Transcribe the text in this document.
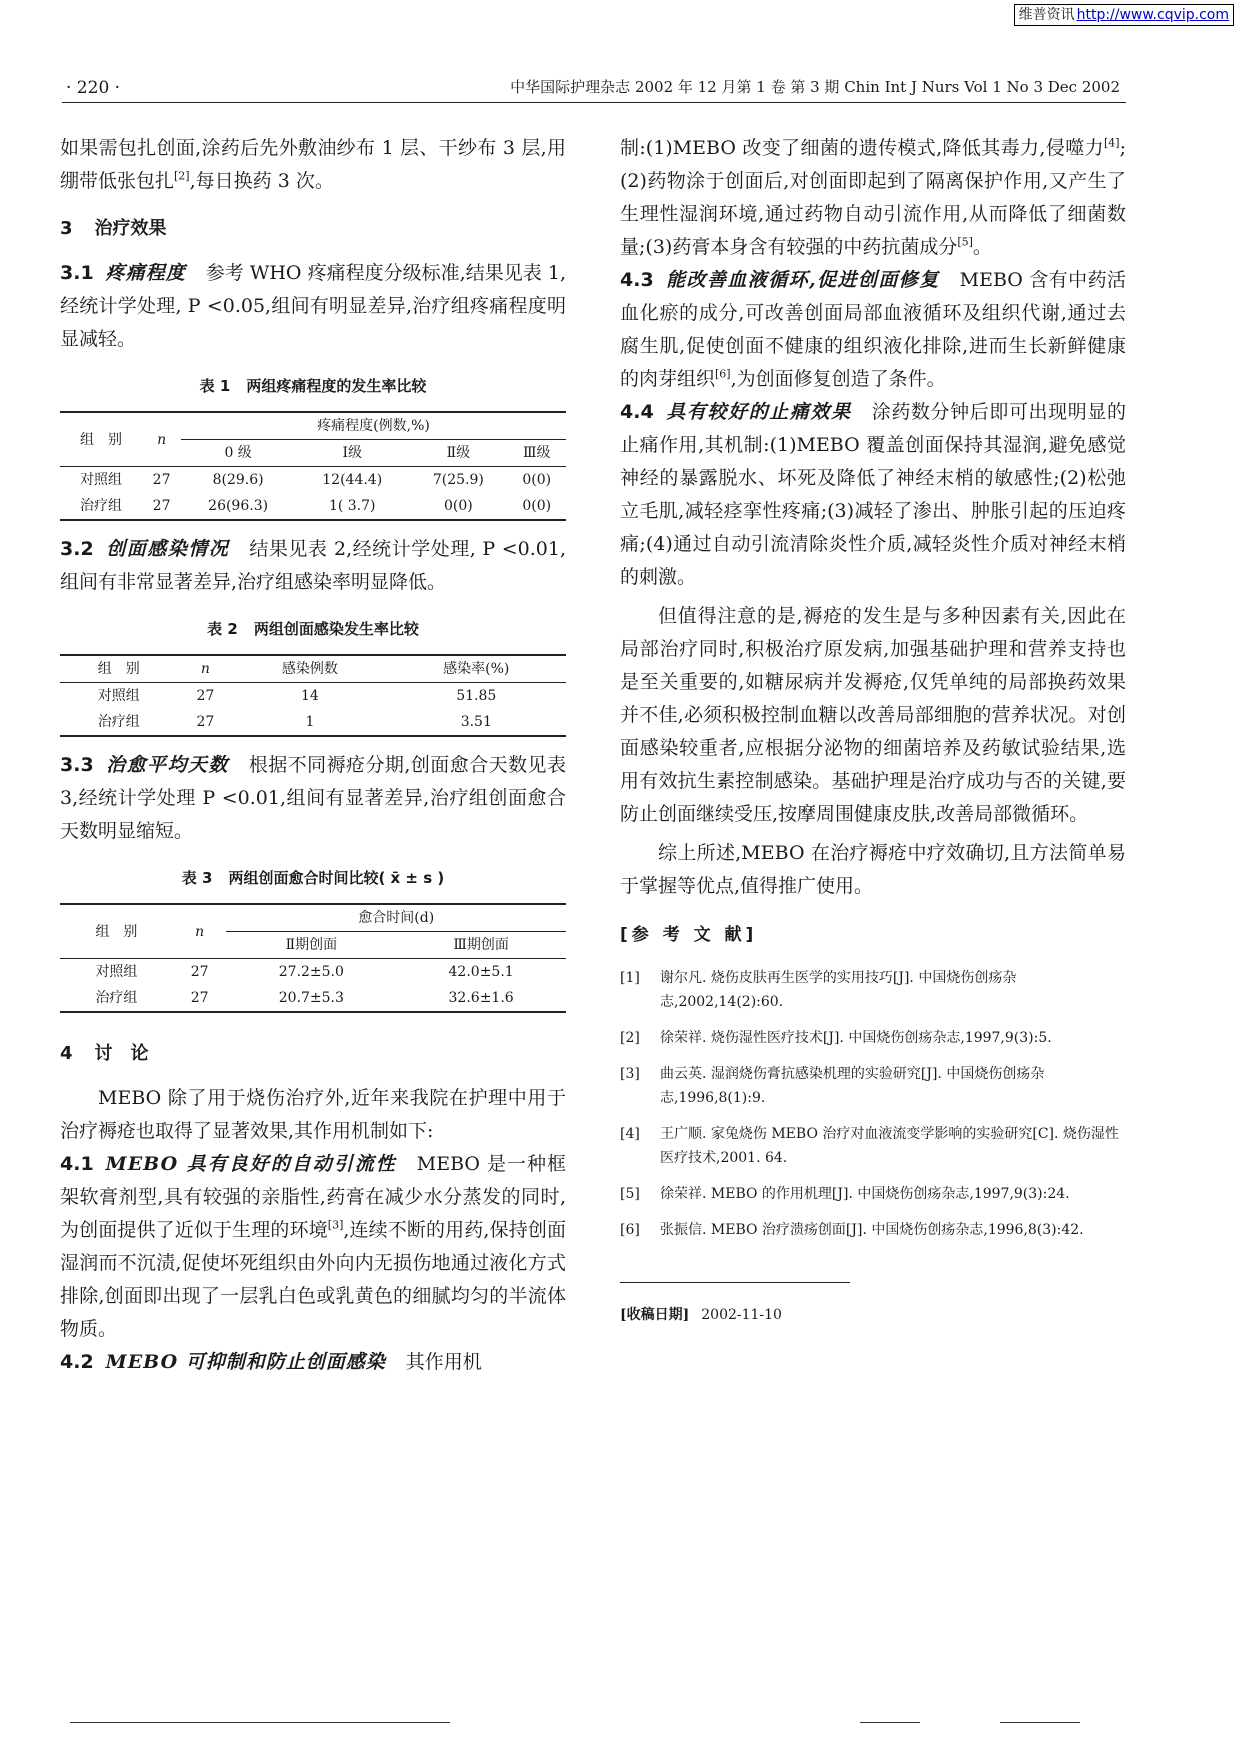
维普资讯 http://www.cqvip.com
· 220 ·	中华国际护理杂志 2002 年 12 月第 1 卷 第 3 期 Chin Int J Nurs Vol 1 No 3 Dec 2002

如果需包扎创面,涂药后先外敷油纱布 1 层、干纱布 3 层,用绷带低张包扎[2],每日换药 3 次。

3 治疗效果

3.1 疼痛程度 参考 WHO 疼痛程度分级标准,结果见表 1,经统计学处理, P <0.05,组间有明显差异,治疗组疼痛程度明显减轻。

表 1 两组疼痛程度的发生率比较
组　别	n	疼痛程度(例数,%)			
		0 级	Ⅰ级	Ⅱ级	Ⅲ级
对照组	27	8(29.6)	12(44.4)	7(25.9)	0(0)
治疗组	27	26(96.3)	1( 3.7)	0(0)	0(0)

3.2 创面感染情况 结果见表 2,经统计学处理, P <0.01,组间有非常显著差异,治疗组感染率明显降低。

表 2 两组创面感染发生率比较
组　别	n	感染例数	感染率(%)
对照组	27	14	51.85
治疗组	27	1	3.51

3.3 治愈平均天数 根据不同褥疮分期,创面愈合天数见表 3,经统计学处理 P <0.01,组间有显著差异,治疗组创面愈合天数明显缩短。

表 3 两组创面愈合时间比较( x̄ ± s )
组　别	n	愈合时间(d)	
		Ⅱ期创面	Ⅲ期创面
对照组	27	27.2±5.0	42.0±5.1
治疗组	27	20.7±5.3	32.6±1.6
4 讨　论

MEBO 除了用于烧伤治疗外,近年来我院在护理中用于治疗褥疮也取得了显著效果,其作用机制如下:

4.1 MEBO 具有良好的自动引流性 MEBO 是一种框架软膏剂型,具有较强的亲脂性,药膏在减少水分蒸发的同时,为创面提供了近似于生理的环境[3],连续不断的用药,保持创面湿润而不沉渍,促使坏死组织由外向内无损伤地通过液化方式排除,创面即出现了一层乳白色或乳黄色的细腻均匀的半流体物质。

4.2 MEBO 可抑制和防止创面感染 其作用机

制:(1)MEBO 改变了细菌的遗传模式,降低其毒力,侵噬力[4];(2)药物涂于创面后,对创面即起到了隔离保护作用,又产生了生理性湿润环境,通过药物自动引流作用,从而降低了细菌数量;(3)药膏本身含有较强的中药抗菌成分[5]。

4.3 能改善血液循环,促进创面修复 MEBO 含有中药活血化瘀的成分,可改善创面局部血液循环及组织代谢,通过去腐生肌,促使创面不健康的组织液化排除,进而生长新鲜健康的肉芽组织[6],为创面修复创造了条件。

4.4 具有较好的止痛效果 涂药数分钟后即可出现明显的止痛作用,其机制:(1)MEBO 覆盖创面保持其湿润,避免感觉神经的暴露脱水、坏死及降低了神经末梢的敏感性;(2)松弛立毛肌,减轻痉挛性疼痛;(3)减轻了渗出、肿胀引起的压迫疼痛;(4)通过自动引流清除炎性介质,减轻炎性介质对神经末梢的刺激。

但值得注意的是,褥疮的发生是与多种因素有关,因此在局部治疗同时,积极治疗原发病,加强基础护理和营养支持也是至关重要的,如糖尿病并发褥疮,仅凭单纯的局部换药效果并不佳,必须积极控制血糖以改善局部细胞的营养状况。对创面感染较重者,应根据分泌物的细菌培养及药敏试验结果,选用有效抗生素控制感染。基础护理是治疗成功与否的关键,要防止创面继续受压,按摩周围健康皮肤,改善局部微循环。

综上所述,MEBO 在治疗褥疮中疗效确切,且方法简单易于掌握等优点,值得推广使用。

[参 考 文 献]
[1]	谢尔凡. 烧伤皮肤再生医学的实用技巧[J]. 中国烧伤创疡杂志,2002,14(2):60.
[2]	徐荣祥. 烧伤湿性医疗技术[J]. 中国烧伤创疡杂志,1997,9(3):5.
[3]	曲云英. 湿润烧伤膏抗感染机理的实验研究[J]. 中国烧伤创疡杂志,1996,8(1):9.
[4]	王广顺. 家兔烧伤 MEBO 治疗对血液流变学影响的实验研究[C]. 烧伤湿性医疗技术,2001. 64.
[5]	徐荣祥. MEBO 的作用机理[J]. 中国烧伤创疡杂志,1997,9(3):24.
[6]	张振信. MEBO 治疗溃疡创面[J]. 中国烧伤创疡杂志,1996,8(3):42.
[收稿日期] 2002-11-10
